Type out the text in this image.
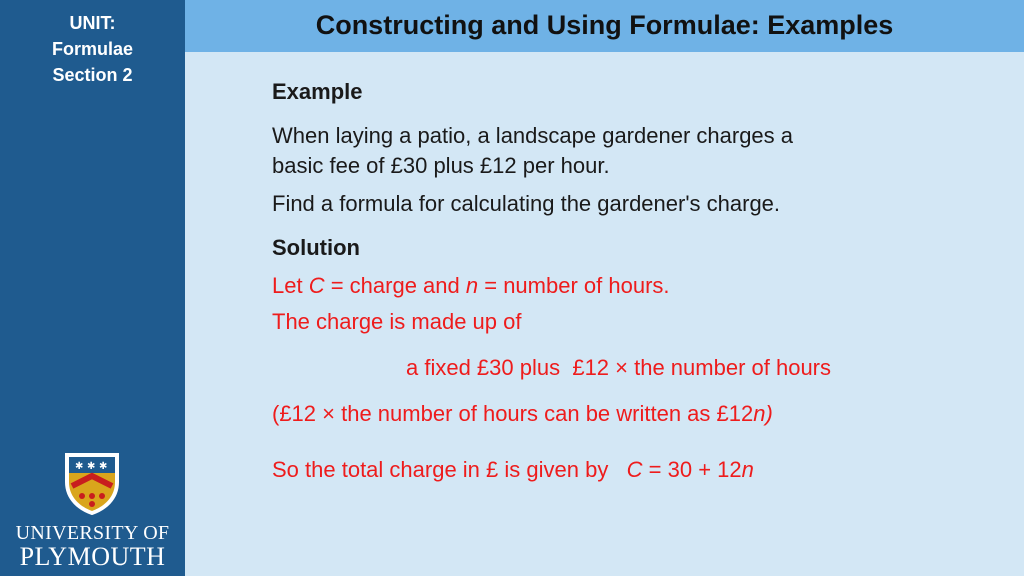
UNIT:
Formulae
Section 2
✱ ✱ ✱
UNIVERSITY OF
PLYMOUTH
Constructing and Using Formulae: Examples
Example
When laying a patio, a landscape gardener charges a
basic fee of £30 plus £12 per hour.
Find a formula for calculating the gardener's charge.
Solution
Let C = charge and n = number of hours.
The charge is made up of
a fixed £30 plus  £12 × the number of hours
(£12 × the number of hours can be written as £12n)
So the total charge in £ is given by   C = 30 + 12n
